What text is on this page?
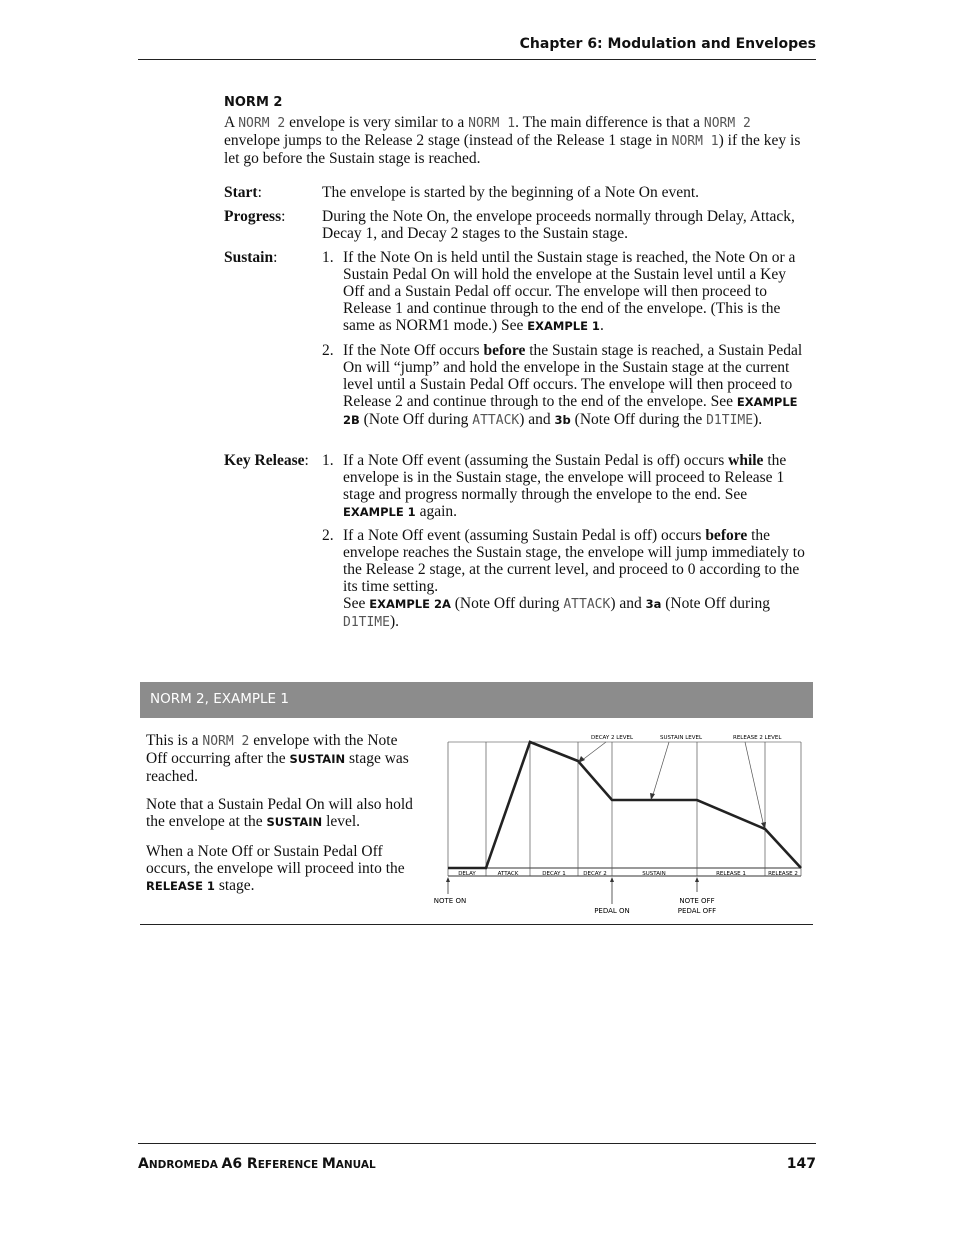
Chapter 6: Modulation and Envelopes
NORM 2
A NORM 2 envelope is very similar to a NORM 1. The main difference is that a NORM 2 envelope jumps to the Release 2 stage (instead of the Release 1 stage in NORM 1) if the key is let go before the Sustain stage is reached.
Start:	The envelope is started by the beginning of a Note On event.
Progress: During the Note On, the envelope proceeds normally through Delay, Attack, Decay 1, and Decay 2 stages to the Sustain stage.
Sustain:	1. If the Note On is held until the Sustain stage is reached, the Note On or a Sustain Pedal On will hold the envelope at the Sustain level until a Key Off and a Sustain Pedal off occur. The envelope will then proceed to Release 1 and continue through to the end of the envelope. (This is the same as NORM1 mode.) See EXAMPLE 1.
2. If the Note Off occurs before the Sustain stage is reached, a Sustain Pedal On will “jump” and hold the envelope in the Sustain stage at the current level until a Sustain Pedal Off occurs. The envelope will then proceed to Release 2 and continue through to the end of the envelope. See EXAMPLE 2B (Note Off during ATTACK) and 3b (Note Off during the D1TIME).
Key Release: 1. If a Note Off event (assuming the Sustain Pedal is off) occurs while the envelope is in the Sustain stage, the envelope will proceed to Release 1 stage and progress normally through the envelope to the end. See EXAMPLE 1 again.
2. If a Note Off event (assuming Sustain Pedal is off) occurs before the envelope reaches the Sustain stage, the envelope will jump immediately to the Release 2 stage, at the current level, and proceed to 0 according to the its time setting.
See EXAMPLE 2A (Note Off during ATTACK) and 3a (Note Off during D1TIME).
NORM 2, EXAMPLE 1
This is a NORM 2 envelope with the Note Off occurring after the SUSTAIN stage was reached.
Note that a Sustain Pedal On will also hold the envelope at the SUSTAIN level.
When a Note Off or Sustain Pedal Off occurs, the envelope will proceed into the RELEASE 1 stage.
DECAY 2 LEVEL	SUSTAIN LEVEL	RELEASE 2 LEVEL
DELAY	ATTACK	DECAY 1	DECAY 2	SUSTAIN	RELEASE 1	RELEASE 2
NOTE ON
PEDAL ON
NOTE OFF
PEDAL OFF
ANDROMEDA A6 REFERENCE MANUAL	147
